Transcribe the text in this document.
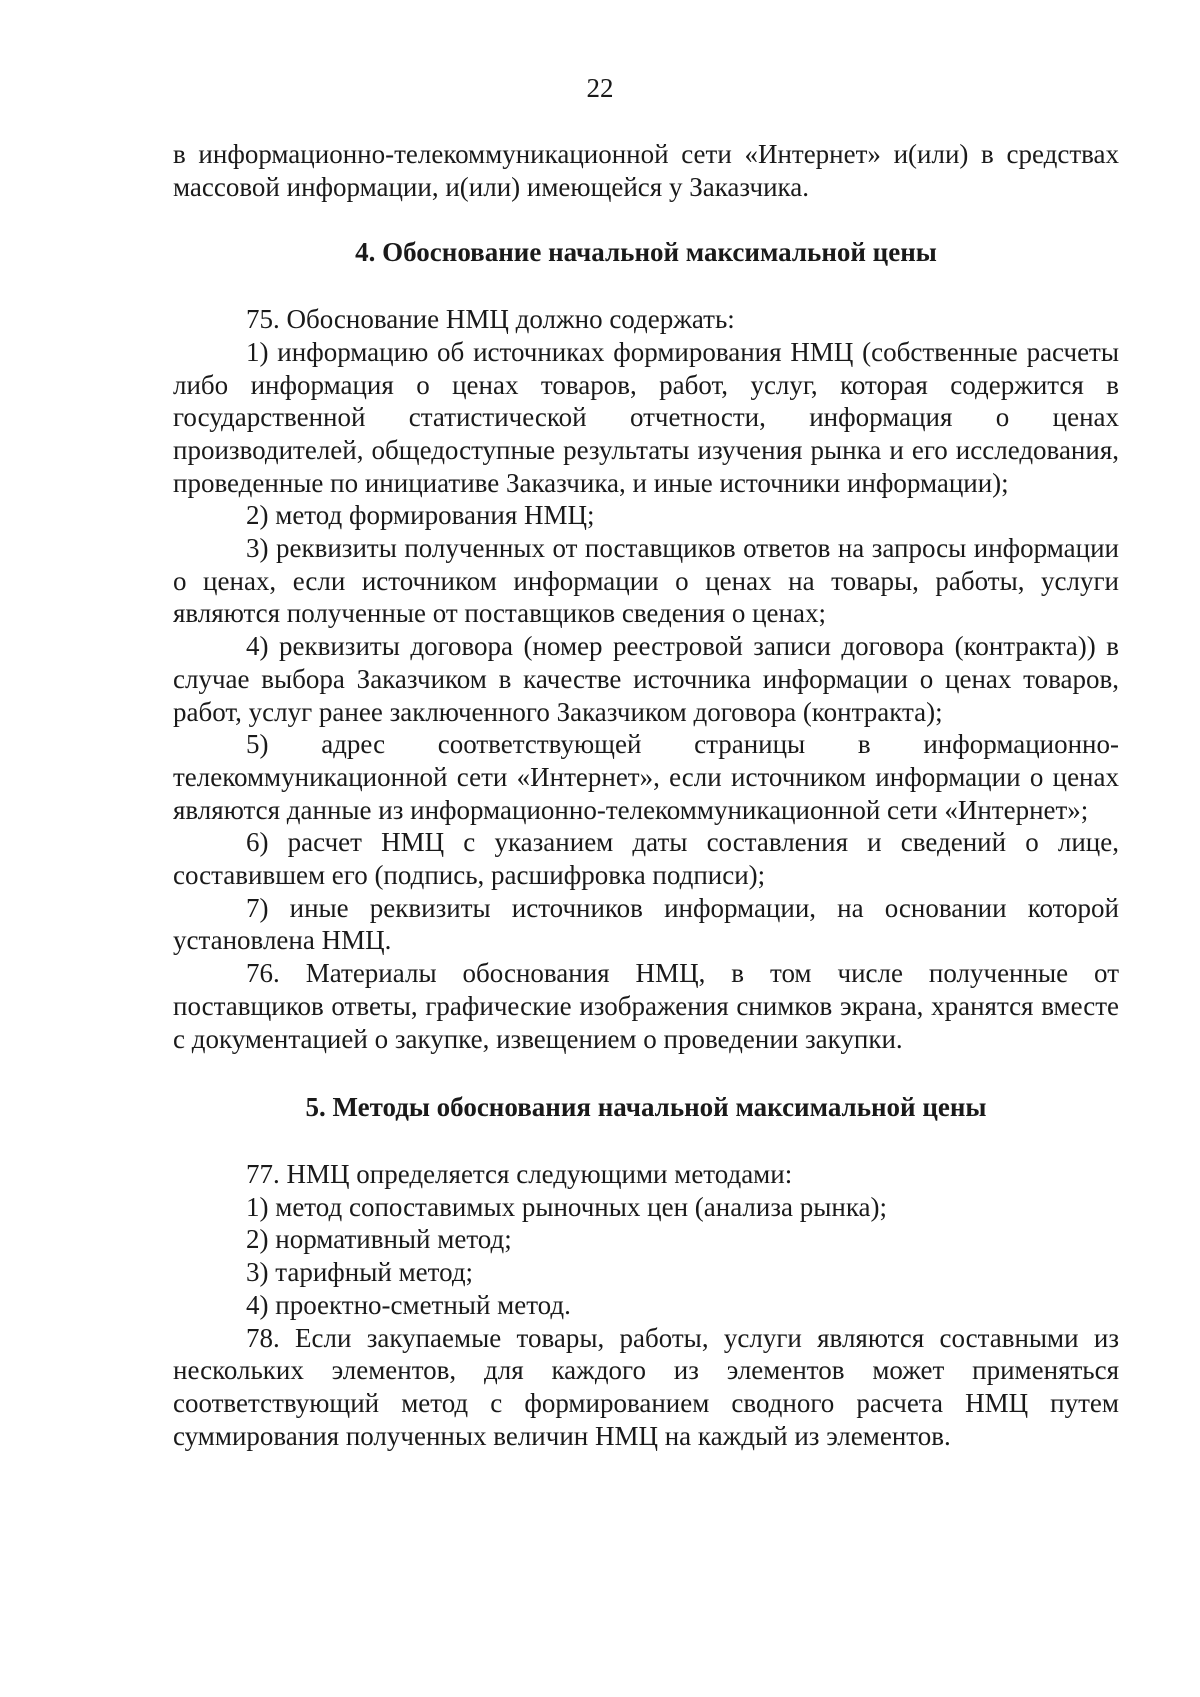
22

в информационно-телекоммуникационной сети «Интернет» и(или) в средствах массовой информации, и(или) имеющейся у Заказчика.

4. Обоснование начальной максимальной цены

75. Обоснование НМЦ должно содержать:

1) информацию об источниках формирования НМЦ (собственные расчеты либо информация о ценах товаров, работ, услуг, которая содержится в государственной статистической отчетности, информация о ценах производителей, общедоступные результаты изучения рынка и его исследования, проведенные по инициативе Заказчика, и иные источники информации);

2) метод формирования НМЦ;

3) реквизиты полученных от поставщиков ответов на запросы информации о ценах, если источником информации о ценах на товары, работы, услуги являются полученные от поставщиков сведения о ценах;

4) реквизиты договора (номер реестровой записи договора (контракта)) в случае выбора Заказчиком в качестве источника информации о ценах товаров, работ, услуг ранее заключенного Заказчиком договора (контракта);

5) адрес соответствующей страницы в информационно-телекоммуникационной сети «Интернет», если источником информации о ценах являются данные из информационно-телекоммуникационной сети «Интернет»;

6) расчет НМЦ с указанием даты составления и сведений о лице, составившем его (подпись, расшифровка подписи);

7) иные реквизиты источников информации, на основании которой установлена НМЦ.

76. Материалы обоснования НМЦ, в том числе полученные от поставщиков ответы, графические изображения снимков экрана, хранятся вместе с документацией о закупке, извещением о проведении закупки.

5. Методы обоснования начальной максимальной цены

77. НМЦ определяется следующими методами:

1) метод сопоставимых рыночных цен (анализа рынка);

2) нормативный метод;

3) тарифный метод;

4) проектно-сметный метод.

78. Если закупаемые товары, работы, услуги являются составными из нескольких элементов, для каждого из элементов может применяться соответствующий метод с формированием сводного расчета НМЦ путем суммирования полученных величин НМЦ на каждый из элементов.
